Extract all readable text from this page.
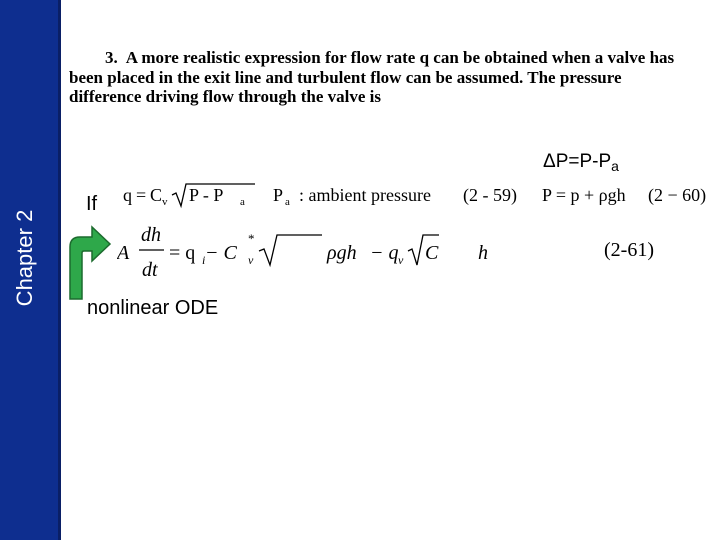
Chapter 2
3. A more realistic expression for flow rate q can be obtained when a valve has been placed in the exit line and turbulent flow can be assumed. The pressure difference driving flow through the valve is
$\Delta P=P-P_a$
If q = C v P - P a P a : ambient pressure (2 - 59) P = p + ρgh (2 − 60)
A
dh
dt
= q i − C v
*
ρgh − q v C h	(2-61)
nonlinear ODE
